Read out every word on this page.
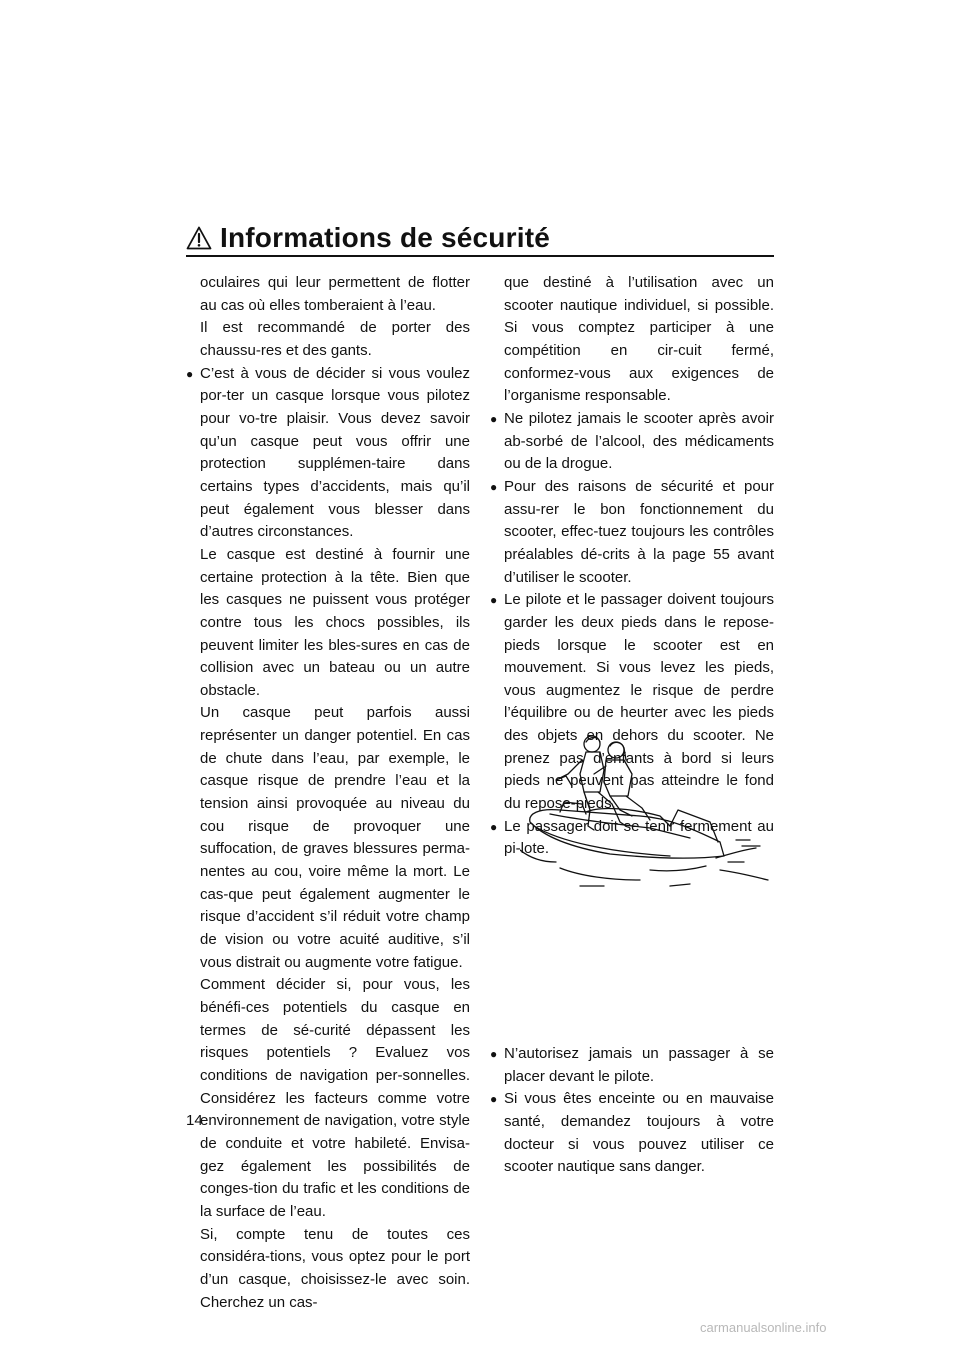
Informations de sécurité

oculaires qui leur permettent de flotter au cas où elles tomberaient à l’eau.

Il est recommandé de porter des chaussu-res et des gants.

● C’est à vous de décider si vous voulez por-ter un casque lorsque vous pilotez pour vo-tre plaisir. Vous devez savoir qu’un casque peut vous offrir une protection supplémen-taire dans certains types d’accidents, mais qu’il peut également vous blesser dans d’autres circonstances.

Le casque est destiné à fournir une certaine protection à la tête. Bien que les casques ne puissent vous protéger contre tous les chocs possibles, ils peuvent limiter les bles-sures en cas de collision avec un bateau ou un autre obstacle.

Un casque peut parfois aussi représenter un danger potentiel. En cas de chute dans l’eau, par exemple, le casque risque de prendre l’eau et la tension ainsi provoquée au niveau du cou risque de provoquer une suffocation, de graves blessures perma-nentes au cou, voire même la mort. Le cas-que peut également augmenter le risque d’accident s’il réduit votre champ de vision ou votre acuité auditive, s’il vous distrait ou augmente votre fatigue.

Comment décider si, pour vous, les bénéfi-ces potentiels du casque en termes de sé-curité dépassent les risques potentiels ? Evaluez vos conditions de navigation per-sonnelles. Considérez les facteurs comme votre environnement de navigation, votre style de conduite et votre habileté. Envisa-gez également les possibilités de conges-tion du trafic et les conditions de la surface de l’eau.

Si, compte tenu de toutes ces considéra-tions, vous optez pour le port d’un casque, choisissez-le avec soin. Cherchez un cas-

que destiné à l’utilisation avec un scooter nautique individuel, si possible. Si vous comptez participer à une compétition en cir-cuit fermé, conformez-vous aux exigences de l’organisme responsable.

● Ne pilotez jamais le scooter après avoir ab-sorbé de l’alcool, des médicaments ou de la drogue.

● Pour des raisons de sécurité et pour assu-rer le bon fonctionnement du scooter, effec-tuez toujours les contrôles préalables dé-crits à la page 55 avant d’utiliser le scooter.

● Le pilote et le passager doivent toujours garder les deux pieds dans le repose-pieds lorsque le scooter est en mouvement. Si vous levez les pieds, vous augmentez le risque de perdre l’équilibre ou de heurter avec les pieds des objets en dehors du scooter. Ne prenez pas d’enfants à bord si leurs pieds ne peuvent pas atteindre le fond du repose-pieds.

● Le passager doit se tenir fermement au pi-lote.

● N’autorisez jamais un passager à se placer devant le pilote.

● Si vous êtes enceinte ou en mauvaise santé, demandez toujours à votre docteur si vous pouvez utiliser ce scooter nautique sans danger.

14
carmanualsonline.info
